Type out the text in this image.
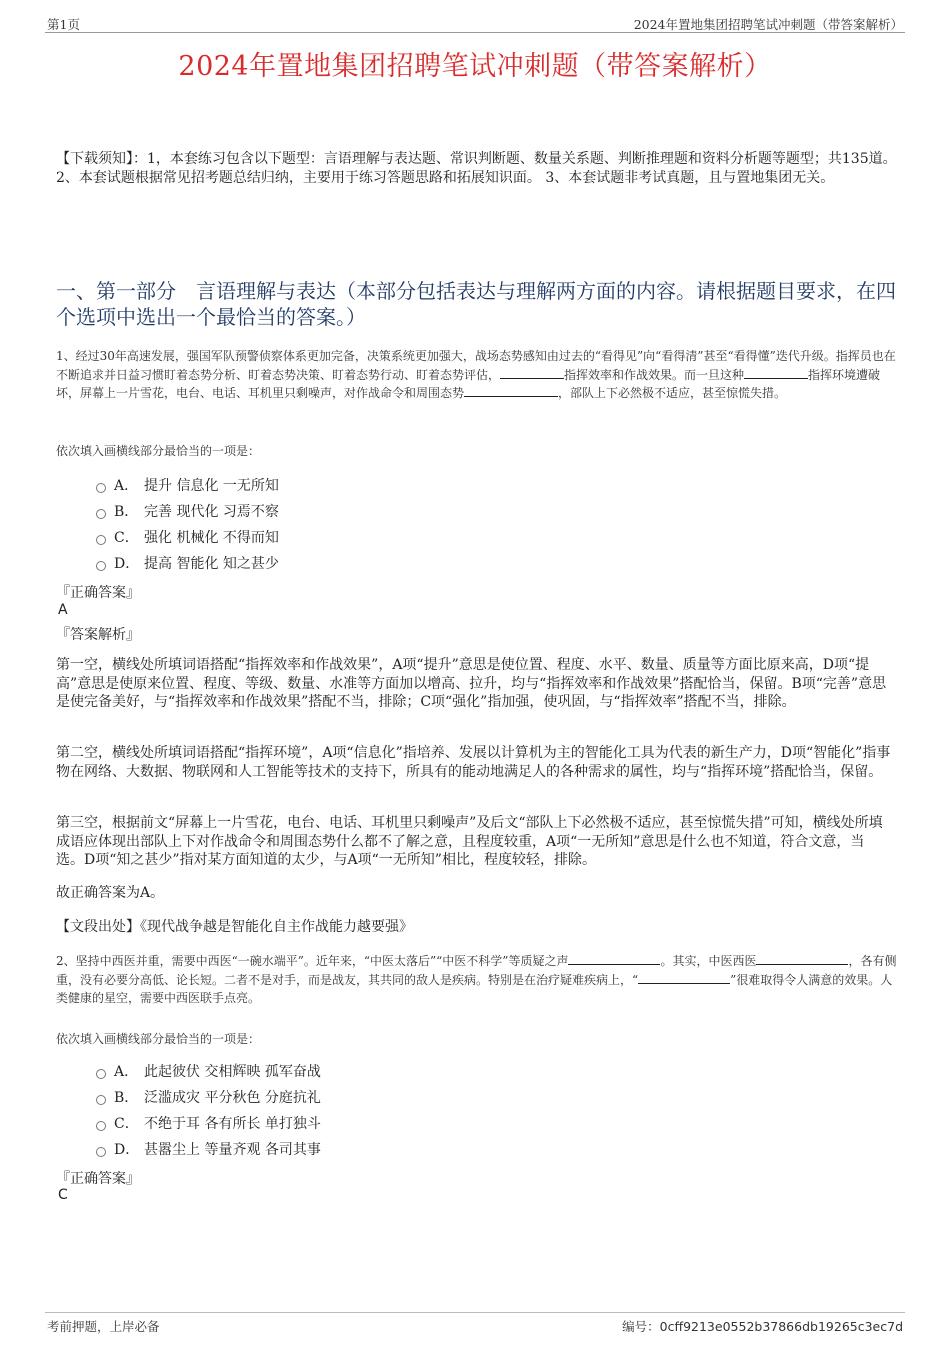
第1页	2024年置地集团招聘笔试冲刺题（带答案解析）
2024年置地集团招聘笔试冲刺题（带答案解析）
【下载须知】：1，本套练习包含以下题型：言语理解与表达题、常识判断题、数量关系题、判断推理题和资料分析题等题型；共135道。 2、本套试题根据常见招考题总结归纳，主要用于练习答题思路和拓展知识面。 3、本套试题非考试真题，且与置地集团无关。
一、第一部分　言语理解与表达（本部分包括表达与理解两方面的内容。请根据题目要求，在四个选项中选出一个最恰当的答案。）
1、经过30年高速发展，强国军队预警侦察体系更加完备，决策系统更加强大，战场态势感知由过去的“看得见”向“看得清”甚至“看得懂”迭代升级。指挥员也在不断追求并日益习惯盯着态势分析、盯着态势决策、盯着态势行动、盯着态势评估，	指挥效率和作战效果。而一旦这种	指挥环境遭破坏，屏幕上一片雪花，电台、电话、耳机里只剩噪声，对作战命令和周围态势	，部队上下必然极不适应，甚至惊慌失措。
依次填入画横线部分最恰当的一项是：
A． 提升 信息化 一无所知
B． 完善 现代化 习焉不察
C． 强化 机械化 不得而知
D． 提高 智能化 知之甚少
『正确答案』
A
『答案解析』
第一空，横线处所填词语搭配“指挥效率和作战效果”，A项“提升”意思是使位置、程度、水平、数量、质量等方面比原来高，D项“提高”意思是使原来位置、程度、等级、数量、水准等方面加以增高、拉升，均与“指挥效率和作战效果”搭配恰当，保留。B项“完善”意思是使完备美好，与“指挥效率和作战效果”搭配不当，排除；C项“强化”指加强，使巩固，与“指挥效率”搭配不当，排除。
第二空，横线处所填词语搭配“指挥环境”，A项“信息化”指培养、发展以计算机为主的智能化工具为代表的新生产力，D项“智能化”指事物在网络、大数据、物联网和人工智能等技术的支持下，所具有的能动地满足人的各种需求的属性，均与“指挥环境”搭配恰当，保留。
第三空，根据前文“屏幕上一片雪花，电台、电话、耳机里只剩噪声”及后文“部队上下必然极不适应，甚至惊慌失措”可知，横线处所填成语应体现出部队上下对作战命令和周围态势什么都不了解之意，且程度较重，A项“一无所知”意思是什么也不知道，符合文意，当选。D项“知之甚少”指对某方面知道的太少，与A项“一无所知”相比，程度较轻，排除。
故正确答案为A。
【文段出处】《现代战争越是智能化自主作战能力越要强》
2、坚持中西医并重，需要中西医“一碗水端平”。近年来，“中医太落后”“中医不科学”等质疑之声	。其实，中医西医	，各有侧重，没有必要分高低、论长短。二者不是对手，而是战友，其共同的敌人是疾病。特别是在治疗疑难疾病上，“	”很难取得令人满意的效果。人类健康的星空，需要中西医联手点亮。
依次填入画横线部分最恰当的一项是：
A． 此起彼伏 交相辉映 孤军奋战
B． 泛滥成灾 平分秋色 分庭抗礼
C． 不绝于耳 各有所长 单打独斗
D． 甚嚣尘上 等量齐观 各司其事
『正确答案』
C
考前押题，上岸必备	编号：0cff9213e0552b37866db19265c3ec7d
